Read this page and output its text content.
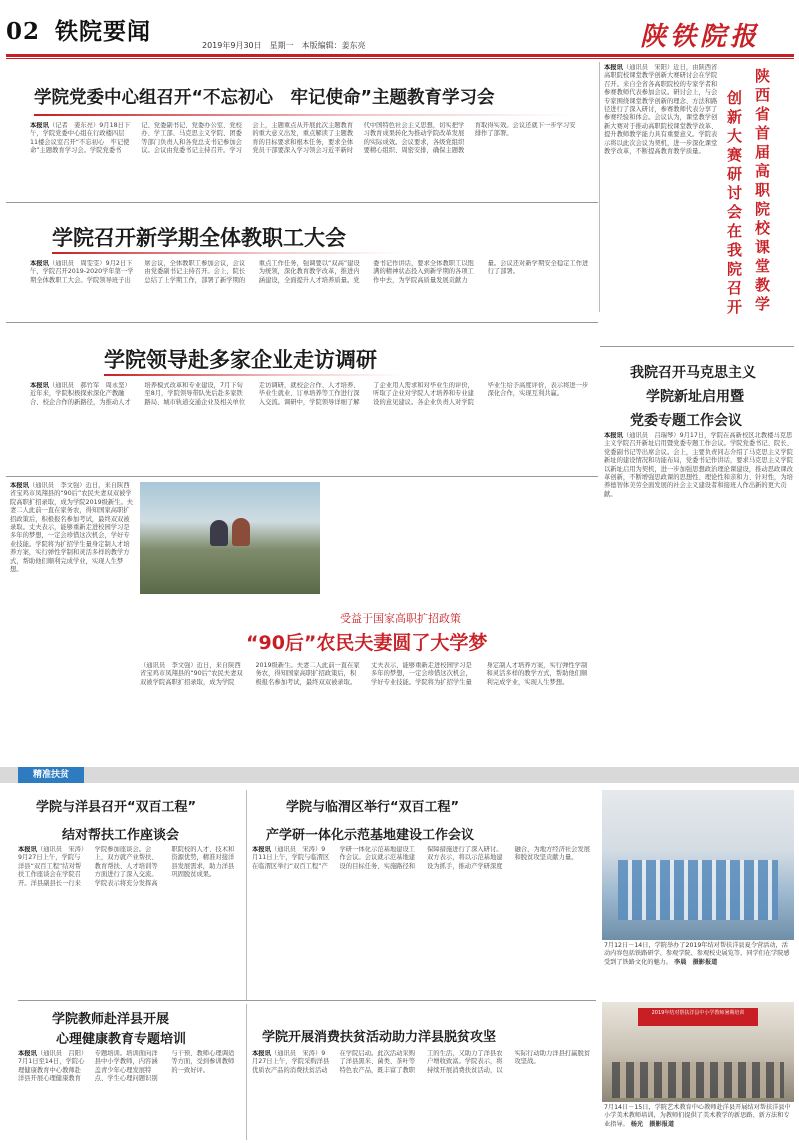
02 铁院要闻
2019年9月30日　星期一　本版编辑：姜东亮	陕铁院报
学院党委中心组召开“不忘初心　牢记使命”主题教育学习会
本报讯（记者　姜东亮）9月18日下午，学院党委中心组在行政楼四层11楼会议室召开“不忘初心　牢记使命”主题教育学习会。学院党委书记、党委副书记、党委办公室、党校办、学工部、马克思主义学院、团委等部门负责人和各党总支书记参加会议。会议由党委书记主持召开。学习会上，主题重点从开展此次主题教育的重大意义出发，重点解读了主题教育的目标要求和根本任务，要求全体党员干部要深入学习领会习近平新时代中国特色社会主义思想，切实把学习教育成果转化为推动学院改革发展的实际成效。会议要求，各级党组织要精心组织、周密安排，确保主题教育取得实效。会议还就下一步学习安排作了部署。
本报讯（通讯员　宋阳）近日，由陕西省高职院校课堂教学创新大赛研讨会在学院召开。来自全省各高职院校的专家学者和参赛教师代表参加会议。研讨会上，与会专家围绕课堂教学创新的理念、方法和路径进行了深入研讨，参赛教师代表分享了参赛经验和体会。会议认为，课堂教学创新大赛对于推动高职院校课堂教学改革、提升教师教学能力具有重要意义。学院表示将以此次会议为契机，进一步深化课堂教学改革，不断提高教育教学质量。	创新大赛研讨会在我院召开 陕西省首届高职院校课堂教学
学院召开新学期全体教职工大会
本报讯（通讯员　周雯雯）9月2日下午，学院召开2019-2020学年第一学期全体教职工大会。学院领导班子出席会议，全体教职工参加会议，会议由党委副书记主持召开。会上，院长总结了上学期工作，部署了新学期的重点工作任务，强调要以“双高”建设为统领，深化教育教学改革，推进内涵建设，全面提升人才培养质量。党委书记作讲话，要求全体教职工以饱满的精神状态投入到新学期的各项工作中去，为学院高质量发展贡献力量。会议还对新学期安全稳定工作进行了部署。
学院领导赴多家企业走访调研
本报讯（通讯员　郝竹军　周永坚）近年来，学院积极探索深化产教融合、校企合作的新路径，为推动人才培养模式改革和专业建设，7月下旬至8月，学院领导带队先后赴多家铁路局、城市轨道交通企业及相关单位走访调研，就校企合作、人才培养、毕业生就业、订单培养等工作进行深入交流。调研中，学院领导详细了解了企业用人需求和对毕业生的评价，听取了企业对学院人才培养和专业建设的意见建议。各企业负责人对学院毕业生给予高度评价，表示将进一步深化合作，实现互利共赢。
我院召开马克思主义
学院新址启用暨
党委专题工作会议
本报讯（通讯员　吕瑞琴）9月17日，学院在高新校区北教楼马克思主义学院召开新址启用暨党委专题工作会议。学院党委书记、院长、党委副书记等出席会议。会上，主要负责同志介绍了马克思主义学院新址的建设情况和功能布局，党委书记作讲话，要求马克思主义学院以新址启用为契机，进一步加强思想政治理论课建设，推动思政课改革创新，不断增强思政课的思想性、理论性和亲和力、针对性，为培养德智体美劳全面发展的社会主义建设者和接班人作出新的更大贡献。
本报讯（通讯员　李文强）近日，来自陕西省宝鸡市凤翔县的“90后”农民夫妻双双被学院高职扩招录取，成为学院2019级新生。夫妻二人此前一直在家务农，得知国家高职扩招政策后，积极报名参加考试，最终双双被录取。丈夫表示，能够重新走进校园学习是多年的梦想，一定会珍惜这次机会，学好专业技能。学院将为扩招学生量身定制人才培养方案，实行弹性学制和灵活多样的教学方式，帮助他们顺利完成学业，实现人生梦想。
受益于国家高职扩招政策
“90后”农民夫妻圆了大学梦
（通讯员　李文强）近日，来自陕西省宝鸡市凤翔县的“90后”农民夫妻双双被学院高职扩招录取，成为学院2019级新生。夫妻二人此前一直在家务农，得知国家高职扩招政策后，积极报名参加考试，最终双双被录取。丈夫表示，能够重新走进校园学习是多年的梦想，一定会珍惜这次机会，学好专业技能。学院将为扩招学生量身定制人才培养方案，实行弹性学制和灵活多样的教学方式，帮助他们顺利完成学业，实现人生梦想。
精准扶贫
学院与洋县召开“双百工程”
结对帮扶工作座谈会
本报讯（通讯员　宋涛）9月27日上午，学院与洋县“双百工程”结对帮扶工作座谈会在学院召开。洋县副县长一行来学院参加座谈会。会上，双方就产业帮扶、教育帮扶、人才培训等方面进行了深入交流。学院表示将充分发挥高职院校的人才、技术和资源优势，精准对接洋县发展需求，助力洋县巩固脱贫成果。
学院与临渭区举行“双百工程”
产学研一体化示范基地建设工作会议
本报讯（通讯员　宋涛）9月11日上午，学院与临渭区在临渭区举行“双百工程”产学研一体化示范基地建设工作会议。会议就示范基地建设的目标任务、实施路径和保障措施进行了深入研讨。双方表示，将以示范基地建设为抓手，推动产学研深度融合，为地方经济社会发展和脱贫攻坚贡献力量。
7月12日－14日，学院举办了2019年结对帮扶洋县夏令营活动，活动内容包括铁路研学、参观学院、参观校史展览等，同学们在学院感受到了铁路文化的魅力。 李晨　摄影报道
学院教师赴洋县开展
心理健康教育专题培训
本报讯（通讯员　吕阳）7月1日至14日，学院心理健康教育中心教师赴洋县开展心理健康教育专题培训。培训面向洋县中小学教师，内容涵盖青少年心理发展特点、学生心理问题识别与干预、教师心理调适等方面，受到参训教师的一致好评。
学院开展消费扶贫活动助力洋县脱贫攻坚
本报讯（通讯员　宋涛）9月27日上午，学院采购洋县优质农产品的消费扶贫活动在学院启动。此次活动采购了洋县黑米、菌类、茶叶等特色农产品，既丰富了教职工的生活，又助力了洋县农户增收致富。学院表示，将持续开展消费扶贫活动，以实际行动助力洋县打赢脱贫攻坚战。
2019年结对帮扶洋县中小学教师暑期培训
7月14日－15日，学院艺术教育中心教师赴洋县开展结对帮扶洋县中小学美术教师培训，为教师们提供了美术教学的新思路、新方法和专业指导。 杨光　摄影报道
